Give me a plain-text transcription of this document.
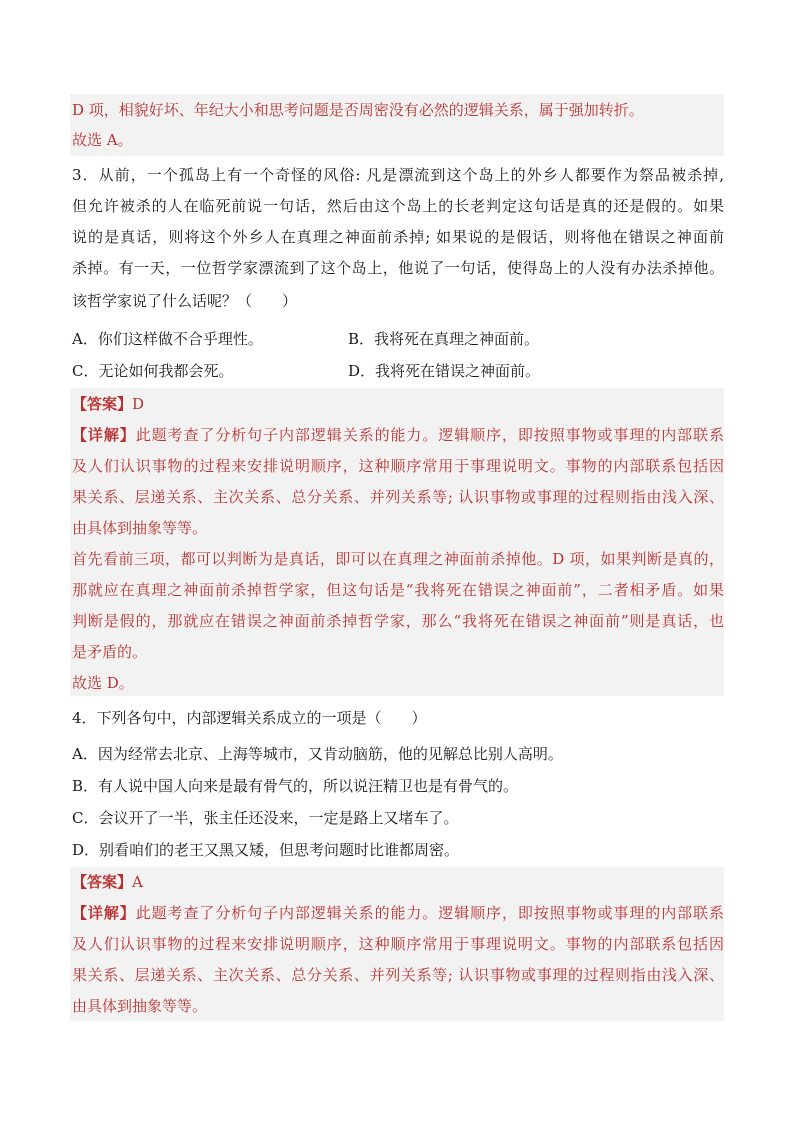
D 项，相貌好坏、年纪大小和思考问题是否周密没有必然的逻辑关系，属于强加转折。
故选 A。
3．从前，一个孤岛上有一个奇怪的风俗: 凡是漂流到这个岛上的外乡人都要作为祭品被杀掉,
但允许被杀的人在临死前说一句话，然后由这个岛上的长老判定这句话是真的还是假的。如果
说的是真话，则将这个外乡人在真理之神面前杀掉; 如果说的是假话，则将他在错误之神面前
杀掉。有一天，一位哲学家漂流到了这个岛上，他说了一句话，使得岛上的人没有办法杀掉他。
该哲学家说了什么话呢？（　　）
A．你们这样做不合乎理性。	B．我将死在真理之神面前。
C．无论如何我都会死。	D．我将死在错误之神面前。
【答案】D
【详解】此题考查了分析句子内部逻辑关系的能力。逻辑顺序，即按照事物或事理的内部联系
及人们认识事物的过程来安排说明顺序，这种顺序常用于事理说明文。事物的内部联系包括因
果关系、层递关系、主次关系、总分关系、并列关系等; 认识事物或事理的过程则指由浅入深、
由具体到抽象等等。
首先看前三项，都可以判断为是真话，即可以在真理之神面前杀掉他。D 项，如果判断是真的，
那就应在真理之神面前杀掉哲学家，但这句话是“我将死在错误之神面前”，二者相矛盾。如果
判断是假的，那就应在错误之神面前杀掉哲学家，那么“我将死在错误之神面前”则是真话，也
是矛盾的。
故选 D。
4．下列各句中，内部逻辑关系成立的一项是（　　）
A．因为经常去北京、上海等城市，又肯动脑筋，他的见解总比别人高明。
B．有人说中国人向来是最有骨气的，所以说汪精卫也是有骨气的。
C．会议开了一半，张主任还没来，一定是路上又堵车了。
D．别看咱们的老王又黑又矮，但思考问题时比谁都周密。
【答案】A
【详解】此题考查了分析句子内部逻辑关系的能力。逻辑顺序，即按照事物或事理的内部联系
及人们认识事物的过程来安排说明顺序，这种顺序常用于事理说明文。事物的内部联系包括因
果关系、层递关系、主次关系、总分关系、并列关系等; 认识事物或事理的过程则指由浅入深、
由具体到抽象等等。
